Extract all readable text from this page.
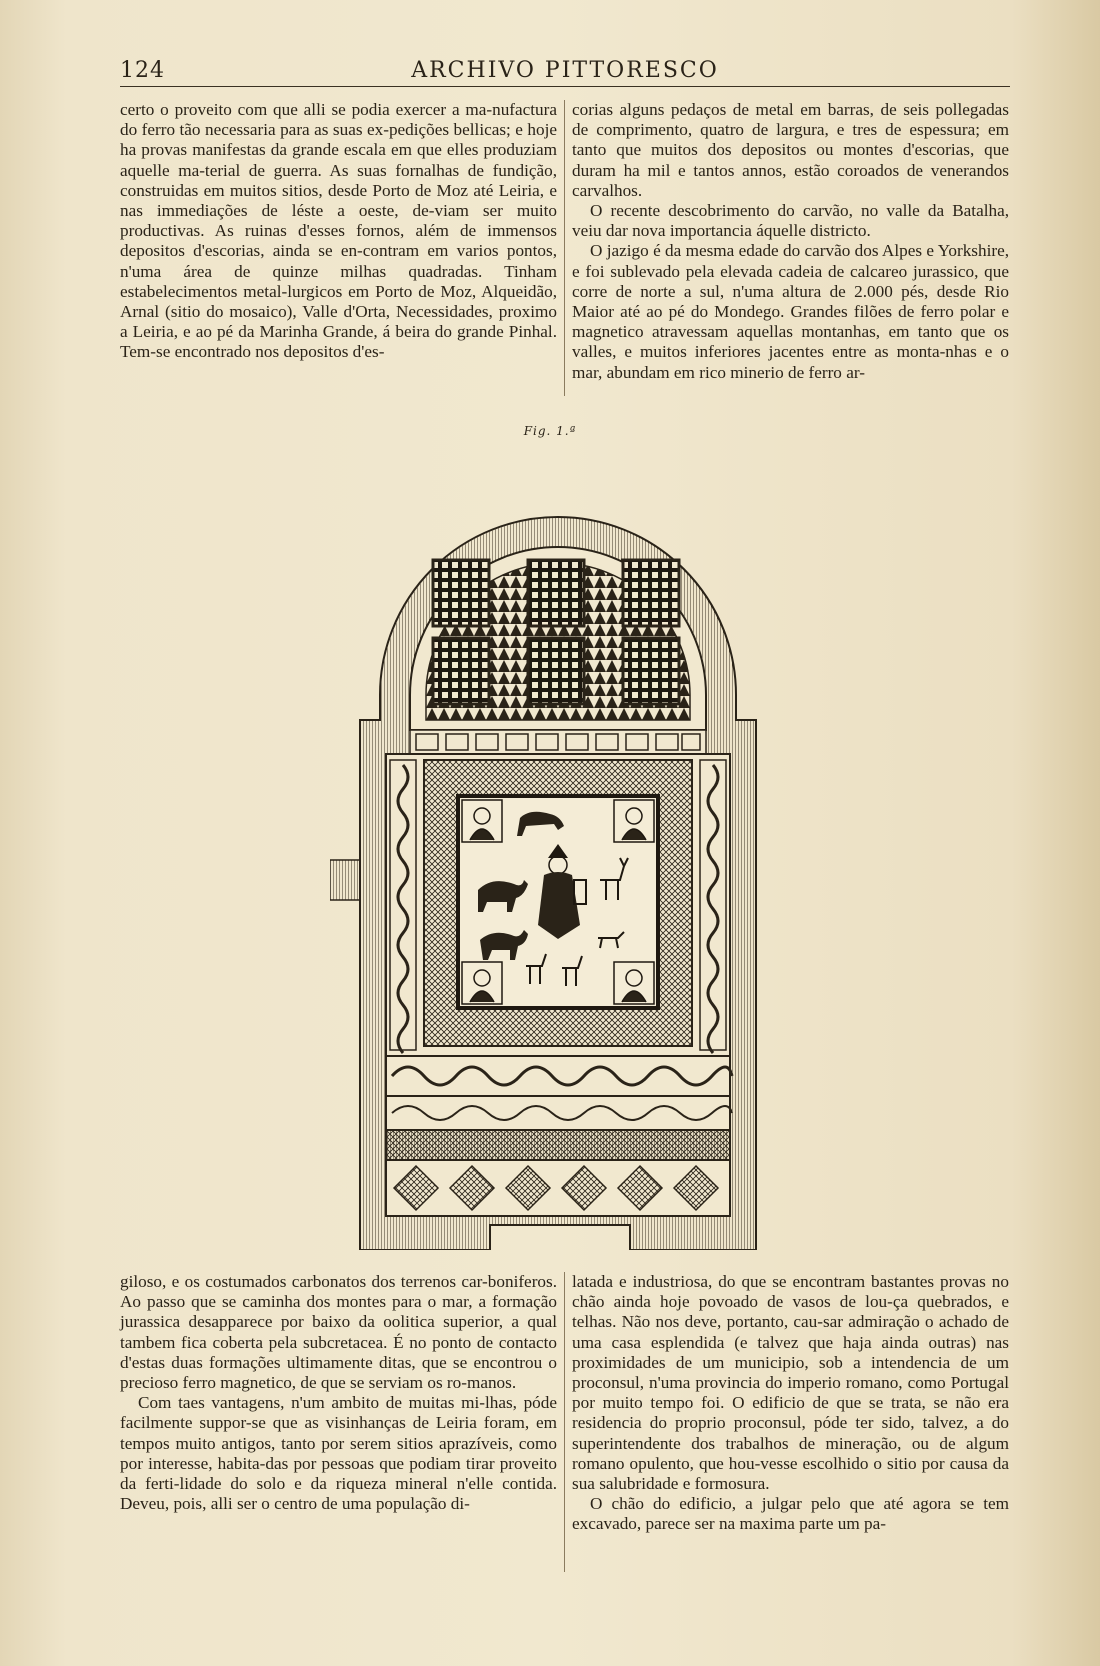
124	ARCHIVO PITTORESCO

certo o proveito com que alli se podia exercer a ma-nufactura do ferro tão necessaria para as suas ex-pedições bellicas; e hoje ha provas manifestas da grande escala em que elles produziam aquelle ma-terial de guerra. As suas fornalhas de fundição, construidas em muitos sitios, desde Porto de Moz até Leiria, e nas immediações de léste a oeste, de-viam ser muito productivas. As ruinas d'esses fornos, além de immensos depositos d'escorias, ainda se en-contram em varios pontos, n'uma área de quinze milhas quadradas. Tinham estabelecimentos metal-lurgicos em Porto de Moz, Alqueidão, Arnal (sitio do mosaico), Valle d'Orta, Necessidades, proximo a Leiria, e ao pé da Marinha Grande, á beira do grande Pinhal. Tem-se encontrado nos depositos d'es-

corias alguns pedaços de metal em barras, de seis pollegadas de comprimento, quatro de largura, e tres de espessura; em tanto que muitos dos depositos ou montes d'escorias, que duram ha mil e tantos annos, estão coroados de venerandos carvalhos.

O recente descobrimento do carvão, no valle da Batalha, veiu dar nova importancia áquelle districto.

O jazigo é da mesma edade do carvão dos Alpes e Yorkshire, e foi sublevado pela elevada cadeia de calcareo jurassico, que corre de norte a sul, n'uma altura de 2.000 pés, desde Rio Maior até ao pé do Mondego. Grandes filões de ferro polar e magnetico atravessam aquellas montanhas, em tanto que os valles, e muitos inferiores jacentes entre as monta-nhas e o mar, abundam em rico minerio de ferro ar-

Fig. 1.ª

giloso, e os costumados carbonatos dos terrenos car-boniferos. Ao passo que se caminha dos montes para o mar, a formação jurassica desapparece por baixo da oolitica superior, a qual tambem fica coberta pela subcretacea. É no ponto de contacto d'estas duas formações ultimamente ditas, que se encontrou o precioso ferro magnetico, de que se serviam os ro-manos.

Com taes vantagens, n'um ambito de muitas mi-lhas, póde facilmente suppor-se que as visinhanças de Leiria foram, em tempos muito antigos, tanto por serem sitios aprazíveis, como por interesse, habita-das por pessoas que podiam tirar proveito da ferti-lidade do solo e da riqueza mineral n'elle contida. Deveu, pois, alli ser o centro de uma população di-

latada e industriosa, do que se encontram bastantes provas no chão ainda hoje povoado de vasos de lou-ça quebrados, e telhas. Não nos deve, portanto, cau-sar admiração o achado de uma casa esplendida (e talvez que haja ainda outras) nas proximidades de um municipio, sob a intendencia de um proconsul, n'uma provincia do imperio romano, como Portugal por muito tempo foi. O edificio de que se trata, se não era residencia do proprio proconsul, póde ter sido, talvez, a do superintendente dos trabalhos de mineração, ou de algum romano opulento, que hou-vesse escolhido o sitio por causa da sua salubridade e formosura.

O chão do edificio, a julgar pelo que até agora se tem excavado, parece ser na maxima parte um pa-
